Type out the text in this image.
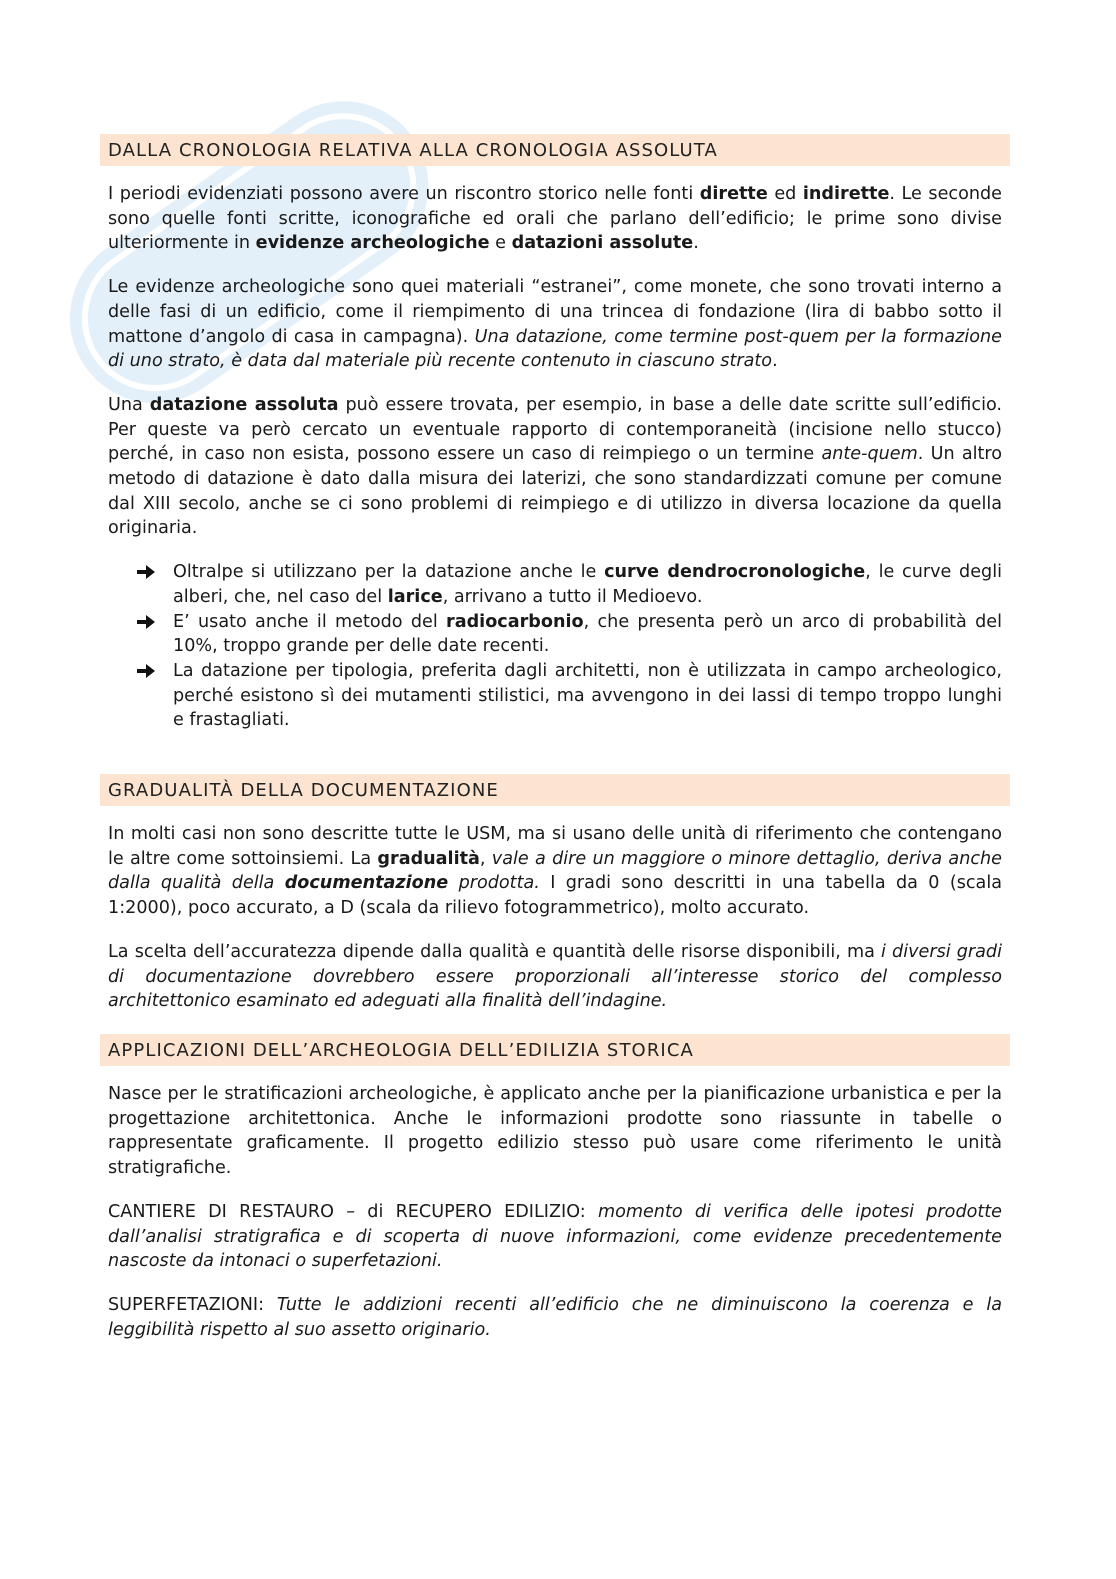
DALLA CRONOLOGIA RELATIVA ALLA CRONOLOGIA ASSOLUTA

I periodi evidenziati possono avere un riscontro storico nelle fonti dirette ed indirette. Le seconde sono quelle fonti scritte, iconografiche ed orali che parlano dell’edificio; le prime sono divise ulteriormente in evidenze archeologiche e datazioni assolute.

Le evidenze archeologiche sono quei materiali “estranei”, come monete, che sono trovati interno a delle fasi di un edificio, come il riempimento di una trincea di fondazione (lira di babbo sotto il mattone d’angolo di casa in campagna). Una datazione, come termine post-quem per la formazione di uno strato, è data dal materiale più recente contenuto in ciascuno strato.

Una datazione assoluta può essere trovata, per esempio, in base a delle date scritte sull’edificio. Per queste va però cercato un eventuale rapporto di contemporaneità (incisione nello stucco) perché, in caso non esista, possono essere un caso di reimpiego o un termine ante-quem. Un altro metodo di datazione è dato dalla misura dei laterizi, che sono standardizzati comune per comune dal XIII secolo, anche se ci sono problemi di reimpiego e di utilizzo in diversa locazione da quella originaria.

Oltralpe si utilizzano per la datazione anche le curve dendrocronologiche, le curve degli alberi, che, nel caso del larice, arrivano a tutto il Medioevo.
E’ usato anche il metodo del radiocarbonio, che presenta però un arco di probabilità del 10%, troppo grande per delle date recenti.
La datazione per tipologia, preferita dagli architetti, non è utilizzata in campo archeologico, perché esistono sì dei mutamenti stilistici, ma avvengono in dei lassi di tempo troppo lunghi e frastagliati.
GRADUALITÀ DELLA DOCUMENTAZIONE

In molti casi non sono descritte tutte le USM, ma si usano delle unità di riferimento che contengano le altre come sottoinsiemi. La gradualità, vale a dire un maggiore o minore dettaglio, deriva anche dalla qualità della documentazione prodotta. I gradi sono descritti in una tabella da 0 (scala 1:2000), poco accurato, a D (scala da rilievo fotogrammetrico), molto accurato.

La scelta dell’accuratezza dipende dalla qualità e quantità delle risorse disponibili, ma i diversi gradi di documentazione dovrebbero essere proporzionali all’interesse storico del complesso architettonico esaminato ed adeguati alla finalità dell’indagine.

APPLICAZIONI DELL’ARCHEOLOGIA DELL’EDILIZIA STORICA

Nasce per le stratificazioni archeologiche, è applicato anche per la pianificazione urbanistica e per la progettazione architettonica. Anche le informazioni prodotte sono riassunte in tabelle o rappresentate graficamente. Il progetto edilizio stesso può usare come riferimento le unità stratigrafiche.

CANTIERE DI RESTAURO – di RECUPERO EDILIZIO: momento di verifica delle ipotesi prodotte dall’analisi stratigrafica e di scoperta di nuove informazioni, come evidenze precedentemente nascoste da intonaci o superfetazioni.

SUPERFETAZIONI: Tutte le addizioni recenti all’edificio che ne diminuiscono la coerenza e la leggibilità rispetto al suo assetto originario.
